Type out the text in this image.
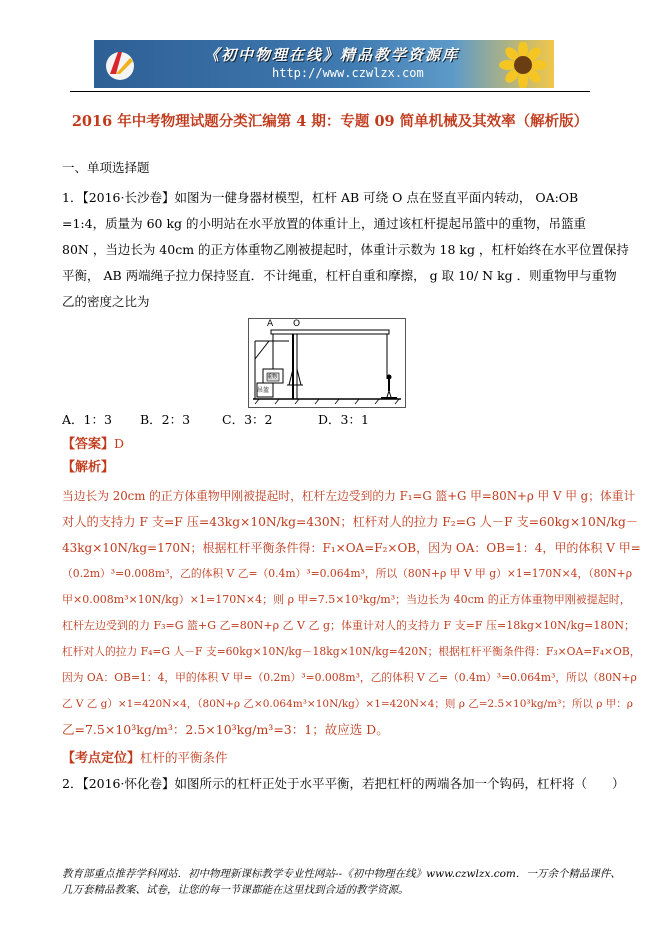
《初中物理在线》精品教学资源库
http://www.czwlzx.com
2016 年中考物理试题分类汇编第 4 期：专题 09 简单机械及其效率（解析版）
一、单项选择题
1．【2016·长沙卷】如图为一健身器材模型，杠杆 AB 可绕 O 点在竖直平面内转动， OA:OB
=1:4，质量为 60 kg 的小明站在水平放置的体重计上，通过该杠杆提起吊篮中的重物，吊篮重
80N ，当边长为 40cm 的正方体重物乙刚被提起时，体重计示数为 18 kg ，杠杆始终在水平位置保持
平衡， AB 两端绳子拉力保持竖直．不计绳重，杠杆自重和摩擦， g 取 10/ N kg ．则重物甲与重物
乙的密度之比为
A O
吊篮
重物
A．1：3 B．2：3	C．3：2	D．3：1
【答案】D
【解析】
当边长为 20cm 的正方体重物甲刚被提起时，杠杆左边受到的力 F₁=G 篮+G 甲=80N+ρ 甲 V 甲 g；体重计
对人的支持力 F 支=F 压=43kg×10N/kg=430N；杠杆对人的拉力 F₂=G 人－F 支=60kg×10N/kg－
43kg×10N/kg=170N；根据杠杆平衡条件得：F₁×OA=F₂×OB，因为 OA：OB=1：4，甲的体积 V 甲=
（0.2m）³=0.008m³，乙的体积 V 乙=（0.4m）³=0.064m³，所以（80N+ρ 甲 V 甲 g）×1=170N×4，（80N+ρ
甲×0.008m³×10N/kg）×1=170N×4；则 ρ 甲=7.5×10³kg/m³；当边长为 40cm 的正方体重物甲刚被提起时，
杠杆左边受到的力 F₃=G 篮+G 乙=80N+ρ 乙 V 乙 g；体重计对人的支持力 F 支=F 压=18kg×10N/kg=180N；
杠杆对人的拉力 F₄=G 人－F 支=60kg×10N/kg－18kg×10N/kg=420N；根据杠杆平衡条件得：F₃×OA=F₄×OB，
因为 OA：OB=1：4，甲的体积 V 甲=（0.2m）³=0.008m³，乙的体积 V 乙=（0.4m）³=0.064m³，所以（80N+ρ
乙 V 乙 g）×1=420N×4，（80N+ρ 乙×0.064m³×10N/kg）×1=420N×4；则 ρ 乙=2.5×10³kg/m³；所以 ρ 甲：ρ
乙=7.5×10³kg/m³：2.5×10³kg/m³=3：1；故应选 D。
【考点定位】杠杆的平衡条件
2．【2016·怀化卷】如图所示的杠杆正处于水平平衡，若把杠杆的两端各加一个钩码，杠杆将（　　）
教育部重点推荐学科网站．初中物理新课标教学专业性网站--《初中物理在线》www.czwlzx.com．一万余个精品课件、
几万套精品教案、试卷，让您的每一节课都能在这里找到合适的教学资源。
